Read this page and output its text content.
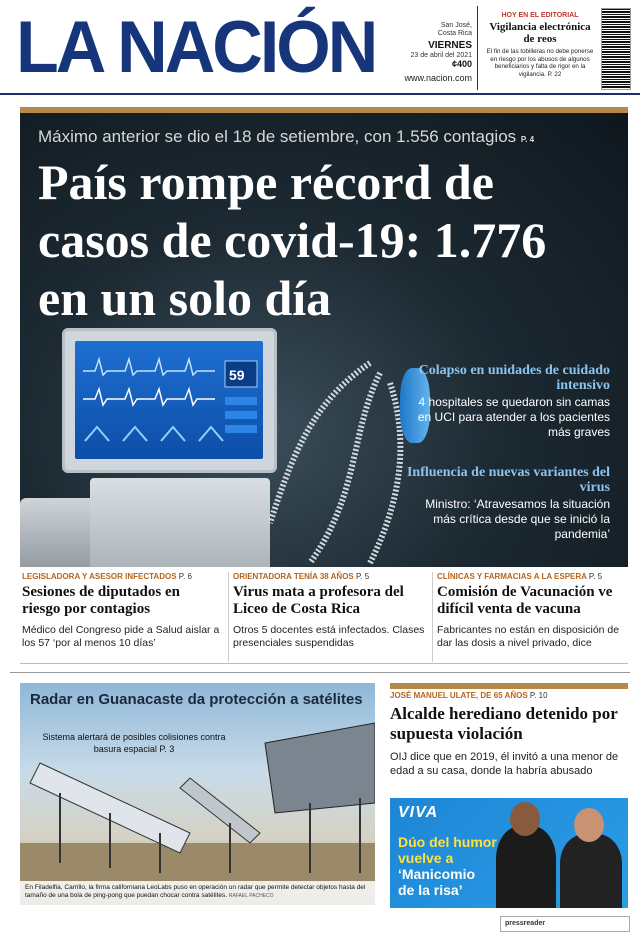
LA NACIÓN	San José,
Costa Rica
VIERNES
23 de abril del 2021
¢400
www.nacion.com
HOY EN EL EDITORIAL
Vigilancia electrónica de reos
El fin de las tobilleras no debe ponerse en riesgo por los abusos de algunos beneficiarios y falta de rigor en la vigilancia. P. 22
Máximo anterior se dio el 18 de setiembre, con 1.556 contagios P. 4
País rompe récord de casos de covid-19: 1.776 en un solo día
59	Colapso en unidades de cuidado intensivo
4 hospitales se quedaron sin camas en UCI para atender a los pacientes más graves
Influencia de nuevas variantes del virus
Ministro: ‘Atravesamos la situación más crítica desde que se inició la pandemia’
LEGISLADORA Y ASESOR INFECTADOS P. 6
Sesiones de diputados en riesgo por contagios
Médico del Congreso pide a Salud aislar a los 57 ‘por al menos 10 días’
ORIENTADORA TENÍA 38 AÑOS P. 5
Virus mata a profesora del Liceo de Costa Rica
Otros 5 docentes está infectados. Clases presenciales suspendidas
CLÍNICAS Y FARMACIAS A LA ESPERA P. 5
Comisión de Vacunación ve difícil venta de vacuna
Fabricantes no están en disposición de dar las dosis a nivel privado, dice
Radar en Guanacaste da protección a satélites
Sistema alertará de posibles colisiones contra basura espacial P. 3
En Filadelfia, Carrillo, la firma californiana LeoLabs puso en operación un radar que permite detectar objetos hasta del tamaño de una bola de ping-pong que puedan chocar contra satélites. RAFAEL PACHECO
JOSÉ MANUEL ULATE, DE 65 AÑOS P. 10
Alcalde herediano detenido por supuesta violación
OIJ dice que en 2019, él invitó a una menor de edad a su casa, donde la habría abusado
VIVA
Dúo del humor
vuelve a
‘Manicomio
de la risa’
pressreader
